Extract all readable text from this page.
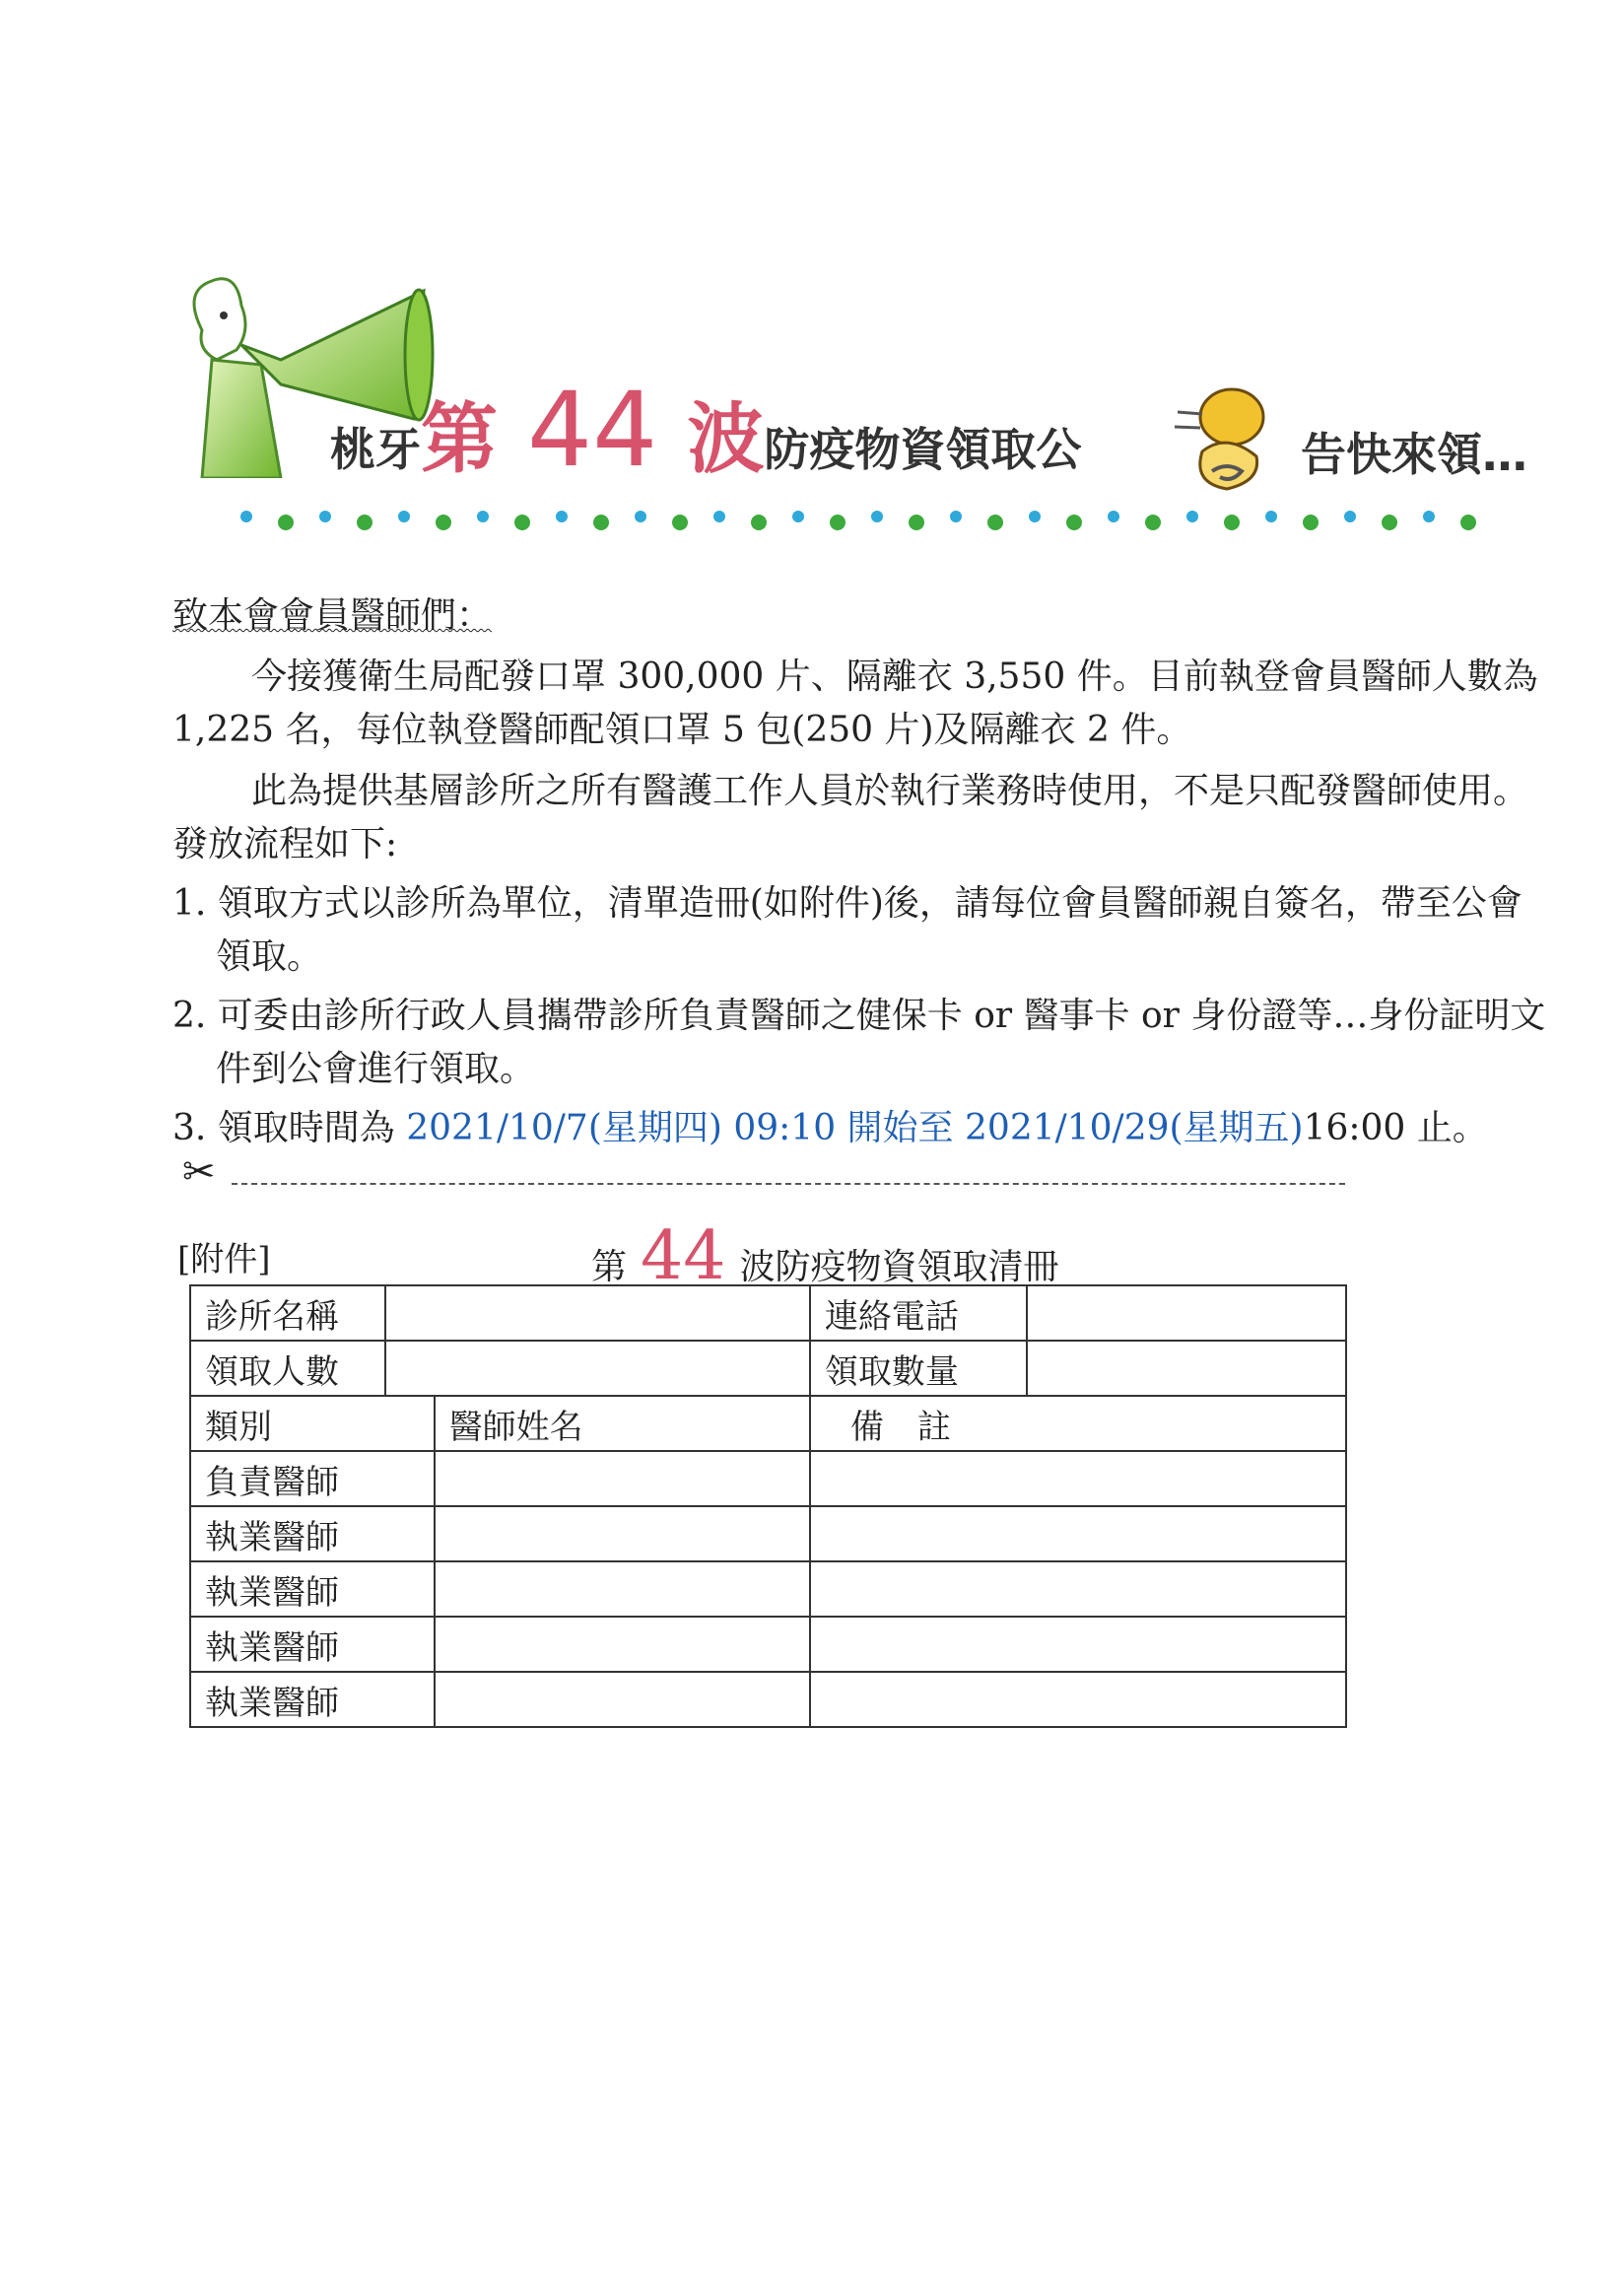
桃牙第 44 波防疫物資領取公	告快來領…
致本會會員醫師們：
今接獲衛生局配發口罩 300,000 片、隔離衣 3,550 件。目前執登會員醫師人數為 1,225 名，每位執登醫師配領口罩 5 包(250 片)及隔離衣 2 件。
此為提供基層診所之所有醫護工作人員於執行業務時使用，不是只配發醫師使用。發放流程如下:
1. 領取方式以診所為單位，清單造冊(如附件)後，請每位會員醫師親自簽名，帶至公會領取。
2. 可委由診所行政人員攜帶診所負責醫師之健保卡 or 醫事卡 or 身份證等…身份証明文件到公會進行領取。
3. 領取時間為 2021/10/7(星期四) 09:10 開始至 2021/10/29(星期五)16:00 止。
✂
[附件]	第 44 波防疫物資領取清冊
診所名稱			連絡電話	
領取人數			領取數量	
類別		醫師姓名	備　註	
負責醫師				
執業醫師				
執業醫師				
執業醫師				
執業醫師				
